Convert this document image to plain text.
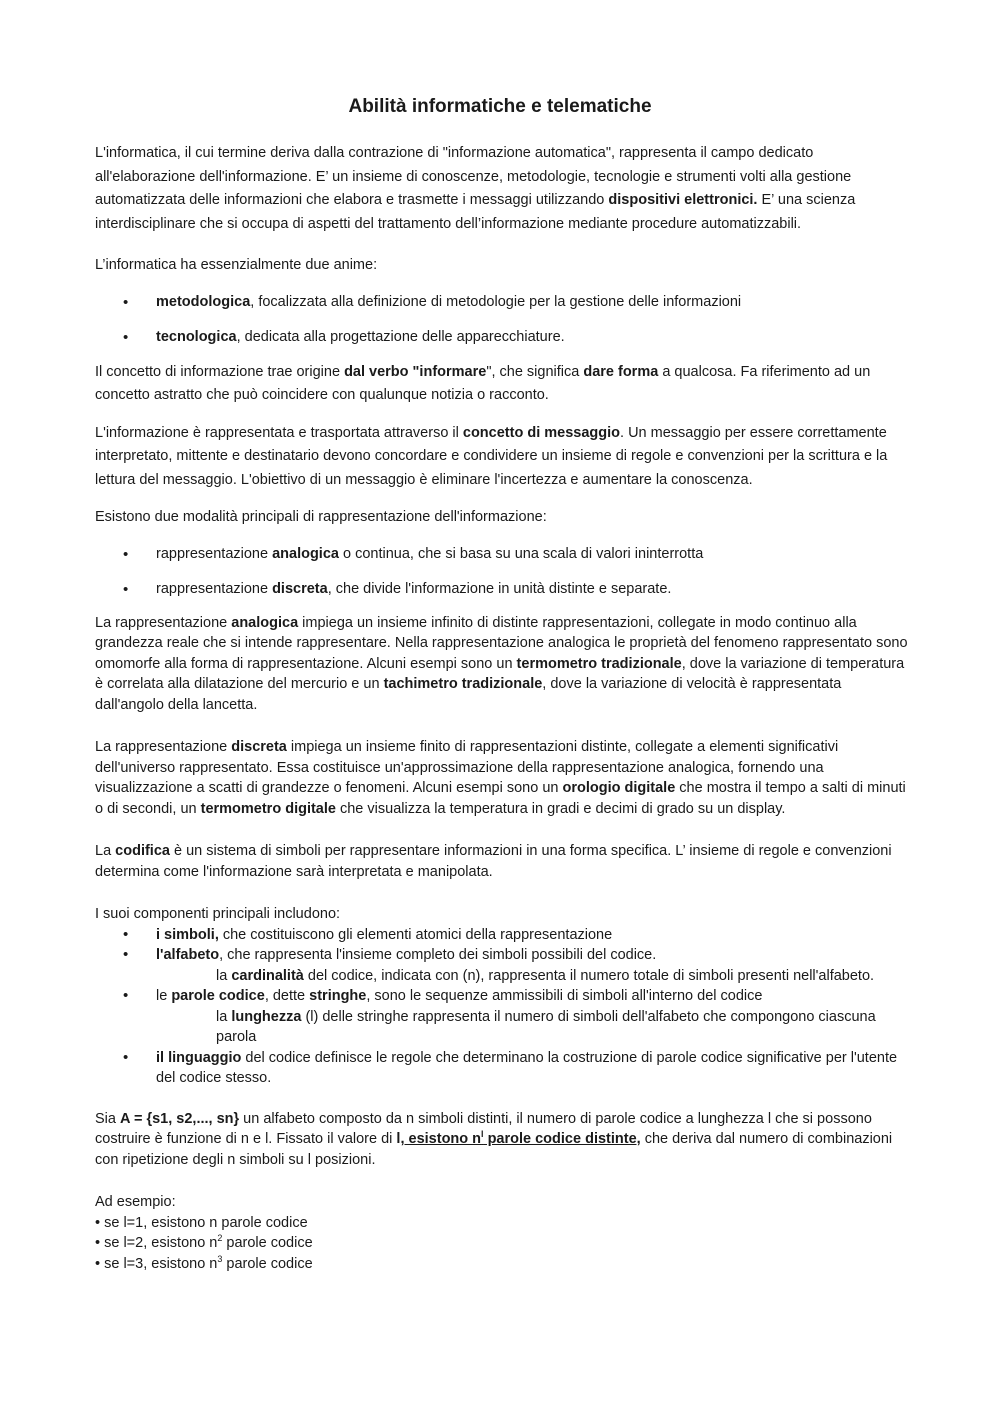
Abilità informatiche e telematiche

L'informatica, il cui termine deriva dalla contrazione di "informazione automatica", rappresenta il campo dedicato all'elaborazione dell'informazione. E’ un insieme di conoscenze, metodologie, tecnologie e strumenti volti alla gestione automatizzata delle informazioni che elabora e trasmette i messaggi utilizzando dispositivi elettronici. E’ una scienza interdisciplinare che si occupa di aspetti del trattamento dell’informazione mediante procedure automatizzabili.

L’informatica ha essenzialmente due anime:

• metodologica, focalizzata alla definizione di metodologie per la gestione delle informazioni
• tecnologica, dedicata alla progettazione delle apparecchiature.

Il concetto di informazione trae origine dal verbo "informare", che significa dare forma a qualcosa. Fa riferimento ad un concetto astratto che può coincidere con qualunque notizia o racconto.

L'informazione è rappresentata e trasportata attraverso il concetto di messaggio. Un messaggio per essere correttamente interpretato, mittente e destinatario devono concordare e condividere un insieme di regole e convenzioni per la scrittura e la lettura del messaggio. L'obiettivo di un messaggio è eliminare l'incertezza e aumentare la conoscenza.

Esistono due modalità principali di rappresentazione dell'informazione:

• rappresentazione analogica o continua, che si basa su una scala di valori ininterrotta
• rappresentazione discreta, che divide l'informazione in unità distinte e separate.

La rappresentazione analogica impiega un insieme infinito di distinte rappresentazioni, collegate in modo continuo alla grandezza reale che si intende rappresentare. Nella rappresentazione analogica le proprietà del fenomeno rappresentato sono omomorfe alla forma di rappresentazione. Alcuni esempi sono un termometro tradizionale, dove la variazione di temperatura è correlata alla dilatazione del mercurio e un tachimetro tradizionale, dove la variazione di velocità è rappresentata dall'angolo della lancetta.

La rappresentazione discreta impiega un insieme finito di rappresentazioni distinte, collegate a elementi significativi dell'universo rappresentato. Essa costituisce un'approssimazione della rappresentazione analogica, fornendo una visualizzazione a scatti di grandezze o fenomeni. Alcuni esempi sono un orologio digitale che mostra il tempo a salti di minuti o di secondi, un termometro digitale che visualizza la temperatura in gradi e decimi di grado su un display.

La codifica è un sistema di simboli per rappresentare informazioni in una forma specifica. L’ insieme di regole e convenzioni determina come l'informazione sarà interpretata e manipolata.

I suoi componenti principali includono:

• i simboli, che costituiscono gli elementi atomici della rappresentazione
• l'alfabeto, che rappresenta l'insieme completo dei simboli possibili del codice.
la cardinalità del codice, indicata con (n), rappresenta il numero totale di simboli presenti nell'alfabeto.
• le parole codice, dette stringhe, sono le sequenze ammissibili di simboli all'interno del codice
la lunghezza (l) delle stringhe rappresenta il numero di simboli dell'alfabeto che compongono ciascuna parola
• il linguaggio del codice definisce le regole che determinano la costruzione di parole codice significative per l'utente del codice stesso.

Sia A = {s1, s2,..., sn} un alfabeto composto da n simboli distinti, il numero di parole codice a lunghezza l che si possono costruire è funzione di n e l. Fissato il valore di l, esistono $n^l$ parole codice distinte, che deriva dal numero di combinazioni con ripetizione degli n simboli su l posizioni.

Ad esempio:
• se l=1, esistono n parole codice
• se l=2, esistono $n^2$ parole codice
• se l=3, esistono $n^3$ parole codice
